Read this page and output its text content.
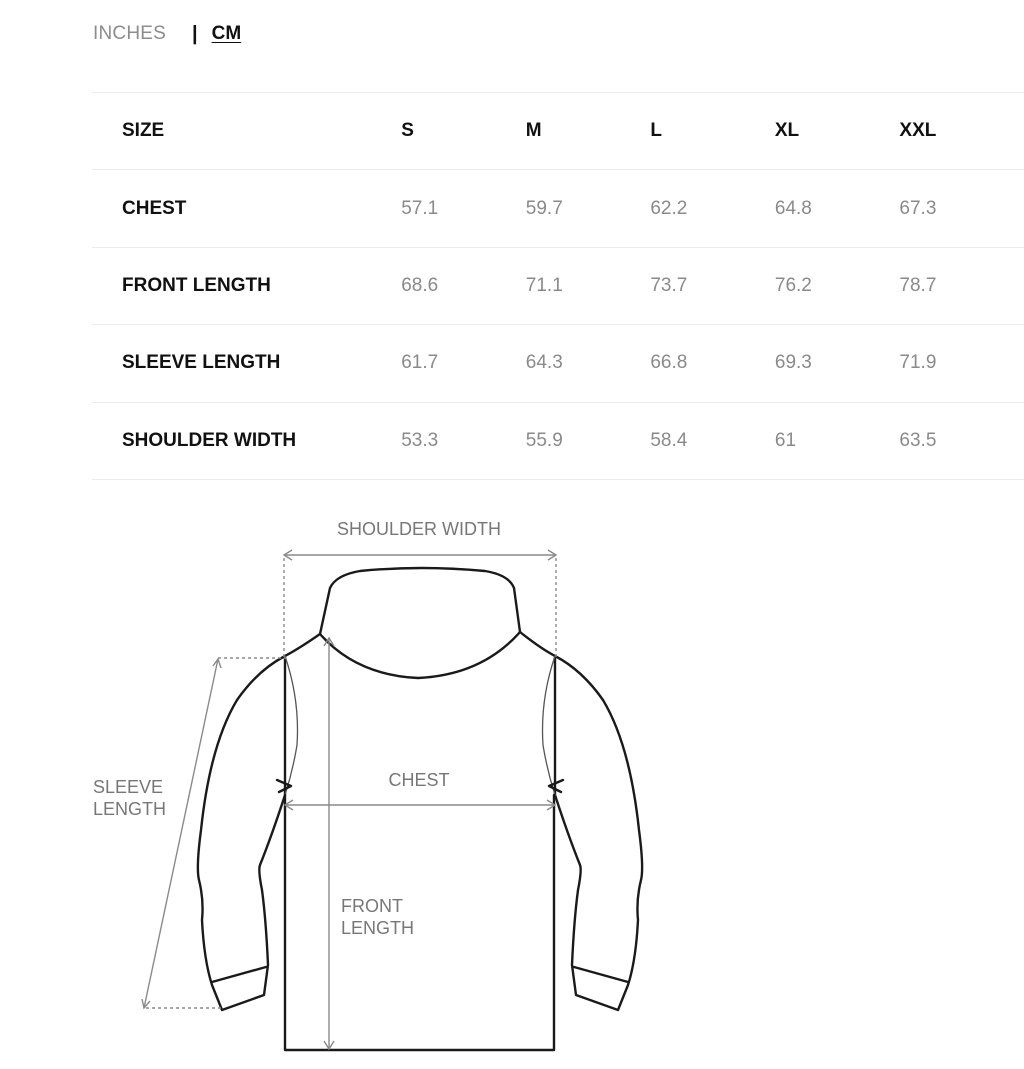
INCHES | CM
SIZE	S	M	L	XL	XXL
CHEST	57.1	59.7	62.2	64.8	67.3
FRONT LENGTH	68.6	71.1	73.7	76.2	78.7
SLEEVE LENGTH	61.7	64.3	66.8	69.3	71.9
SHOULDER WIDTH	53.3	55.9	58.4	61	63.5
SHOULDER WIDTH
CHEST
FRONT
LENGTH
SLEEVE
LENGTH
